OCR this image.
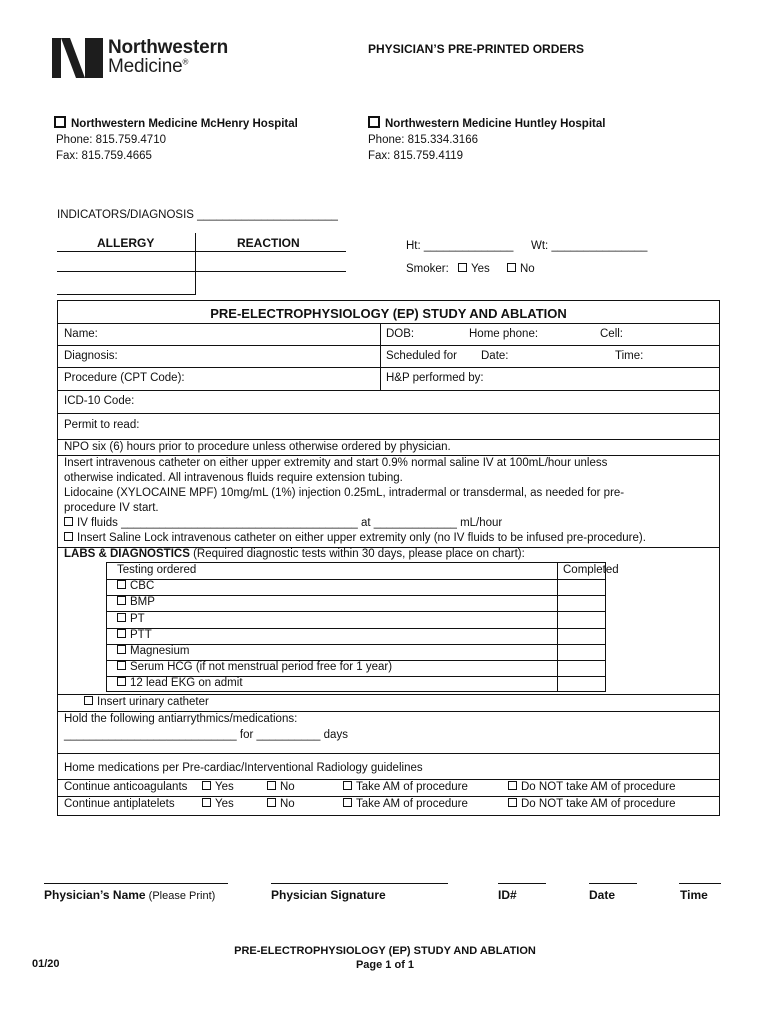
Northwestern
Medicine®
PHYSICIAN’S PRE-PRINTED ORDERS
Northwestern Medicine McHenry Hospital
Phone: 815.759.4710
Fax: 815.759.4665
Northwestern Medicine Huntley Hospital
Phone: 815.334.3166
Fax: 815.759.4119
INDICATORS/DIAGNOSIS ______________________
ALLERGY	REACTION	Ht: ______________ Wt: _______________
Smoker: Yes	No
PRE-ELECTROPHYSIOLOGY (EP) STUDY AND ABLATION
Name:	DOB:	Home phone:	Cell:
Diagnosis:	Scheduled for Date:	Time:
Procedure (CPT Code):	H&P performed by:
ICD-10 Code:
Permit to read:
NPO six (6) hours prior to procedure unless otherwise ordered by physician.
Insert intravenous catheter on either upper extremity and start 0.9% normal saline IV at 100mL/hour unless
otherwise indicated. All intravenous fluids require extension tubing.
Lidocaine (XYLOCAINE MPF) 10mg/mL (1%) injection 0.25mL, intradermal or transdermal, as needed for pre-
procedure IV start.
IV fluids _____________________________________ at _____________ mL/hour
Insert Saline Lock intravenous catheter on either upper extremity only (no IV fluids to be infused pre-procedure).
LABS & DIAGNOSTICS (Required diagnostic tests within 30 days, please place on chart):
Testing ordered	Completed
CBC
BMP
PT
PTT
Magnesium
Serum HCG (if not menstrual period free for 1 year)
12 lead EKG on admit
Insert urinary catheter
Hold the following antiarrythmics/medications:
___________________________ for __________ days
Home medications per Pre-cardiac/Interventional Radiology guidelines
Continue anticoagulants	Yes	No	Take AM of procedure	Do NOT take AM of procedure
Continue antiplatelets	Yes	No	Take AM of procedure	Do NOT take AM of procedure
Physician’s Name (Please Print)	Physician Signature	ID#	Date	Time
PRE-ELECTROPHYSIOLOGY (EP) STUDY AND ABLATION
Page 1 of 1
01/20
